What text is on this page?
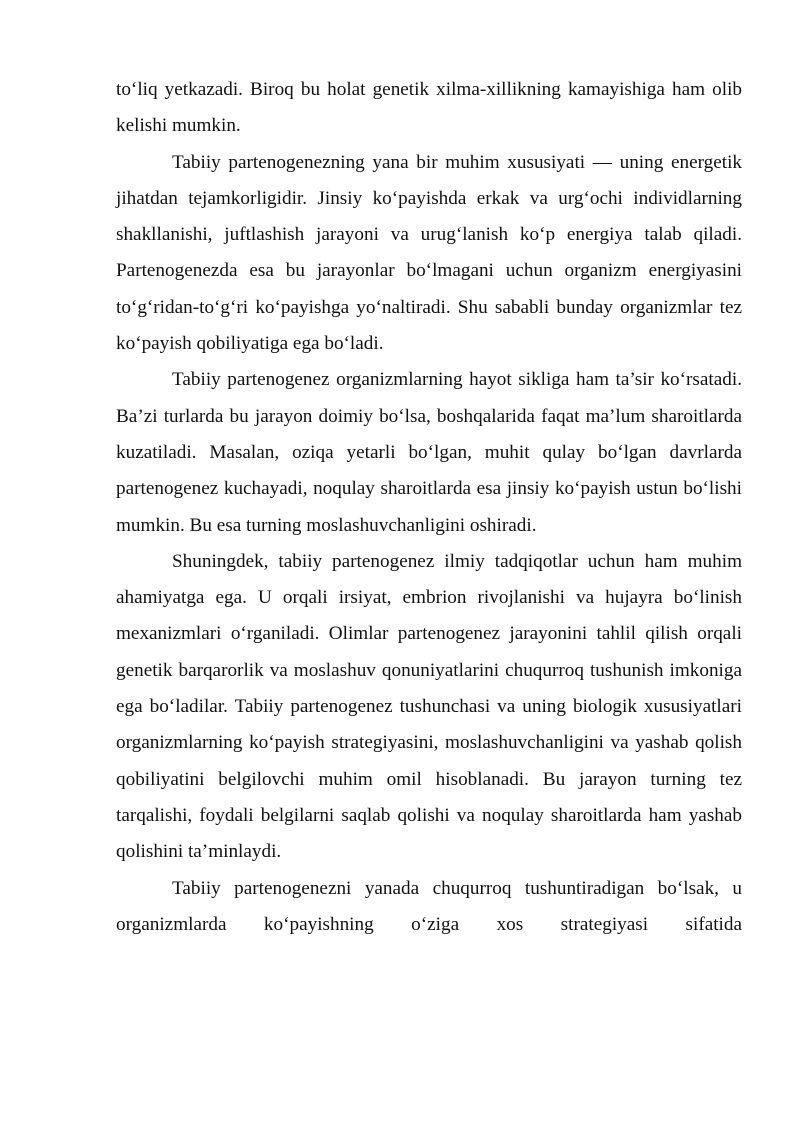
to‘liq yetkazadi. Biroq bu holat genetik xilma-xillikning kamayishiga ham olib kelishi mumkin.

Tabiiy partenogenezning yana bir muhim xususiyati — uning energetik jihatdan tejamkorligidir. Jinsiy ko‘payishda erkak va urg‘ochi individlarning shakllanishi, juftlashish jarayoni va urug‘lanish ko‘p energiya talab qiladi. Partenogenezda esa bu jarayonlar bo‘lmagani uchun organizm energiyasini to‘g‘ridan-to‘g‘ri ko‘payishga yo‘naltiradi. Shu sababli bunday organizmlar tez ko‘payish qobiliyatiga ega bo‘ladi.

Tabiiy partenogenez organizmlarning hayot sikliga ham ta’sir ko‘rsatadi. Ba’zi turlarda bu jarayon doimiy bo‘lsa, boshqalarida faqat ma’lum sharoitlarda kuzatiladi. Masalan, oziqa yetarli bo‘lgan, muhit qulay bo‘lgan davrlarda partenogenez kuchayadi, noqulay sharoitlarda esa jinsiy ko‘payish ustun bo‘lishi mumkin. Bu esa turning moslashuvchanligini oshiradi.

Shuningdek, tabiiy partenogenez ilmiy tadqiqotlar uchun ham muhim ahamiyatga ega. U orqali irsiyat, embrion rivojlanishi va hujayra bo‘linish mexanizmlari o‘rganiladi. Olimlar partenogenez jarayonini tahlil qilish orqali genetik barqarorlik va moslashuv qonuniyatlarini chuqurroq tushunish imkoniga ega bo‘ladilar. Tabiiy partenogenez tushunchasi va uning biologik xususiyatlari organizmlarning ko‘payish strategiyasini, moslashuvchanligini va yashab qolish qobiliyatini belgilovchi muhim omil hisoblanadi. Bu jarayon turning tez tarqalishi, foydali belgilarni saqlab qolishi va noqulay sharoitlarda ham yashab qolishini ta’minlaydi.

Tabiiy partenogenezni yanada chuqurroq tushuntiradigan bo‘lsak, u organizmlarda ko‘payishning o‘ziga xos strategiyasi sifatida
